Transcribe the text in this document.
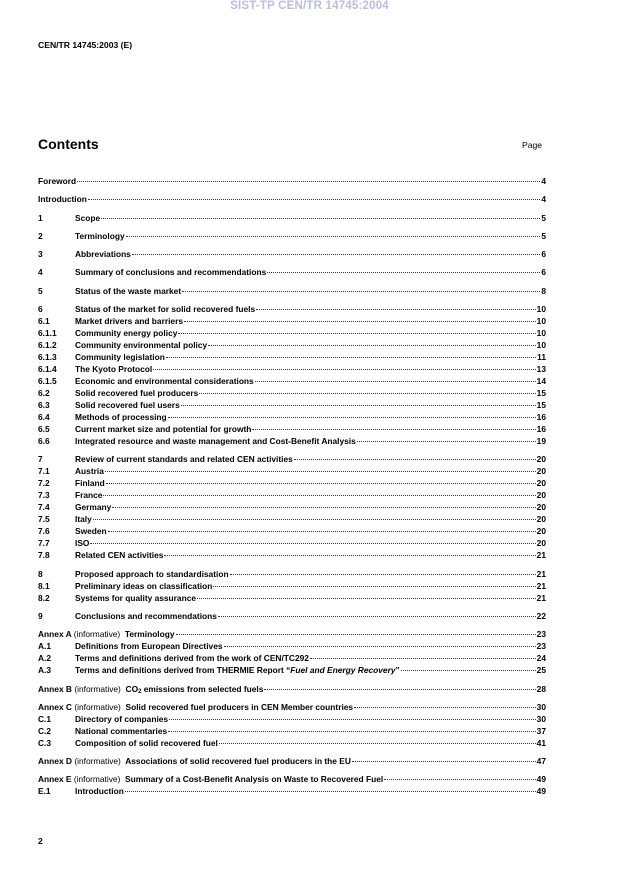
SIST-TP CEN/TR 14745:2004
CEN/TR 14745:2003 (E)
Contents	Page
Foreword	4
Introduction	4
1	Scope	5
2	Terminology	5
3	Abbreviations	6
4	Summary of conclusions and recommendations	6
5	Status of the waste market	8
6	Status of the market for solid recovered fuels	10
6.1	Market drivers and barriers	10
6.1.1	Community energy policy	10
6.1.2	Community environmental policy	10
6.1.3	Community legislation	11
6.1.4	The Kyoto Protocol	13
6.1.5	Economic and environmental considerations	14
6.2	Solid recovered fuel producers	15
6.3	Solid recovered fuel users	15
6.4	Methods of processing	16
6.5	Current market size and potential for growth	16
6.6	Integrated resource and waste management and Cost-Benefit Analysis	19
7	Review of current standards and related CEN activities	20
7.1	Austria	20
7.2	Finland	20
7.3	France	20
7.4	Germany	20
7.5	Italy	20
7.6	Sweden	20
7.7	ISO	20
7.8	Related CEN activities	21
8	Proposed approach to standardisation	21
8.1	Preliminary ideas on classification	21
8.2	Systems for quality assurance	21
9	Conclusions and recommendations	22
Annex A (informative) Terminology	23
A.1	Definitions from European Directives	23
A.2	Terms and definitions derived from the work of CEN/TC292	24
A.3	Terms and definitions derived from THERMIE Report “Fuel and Energy Recovery”	25
Annex B (informative) $CO_2$ emissions from selected fuels	28
Annex C (informative) Solid recovered fuel producers in CEN Member countries	30
C.1	Directory of companies	30
C.2	National commentaries	37
C.3	Composition of solid recovered fuel	41
Annex D (informative) Associations of solid recovered fuel producers in the EU	47
Annex E (informative) Summary of a Cost-Benefit Analysis on Waste to Recovered Fuel	49
E.1	Introduction	49
2
